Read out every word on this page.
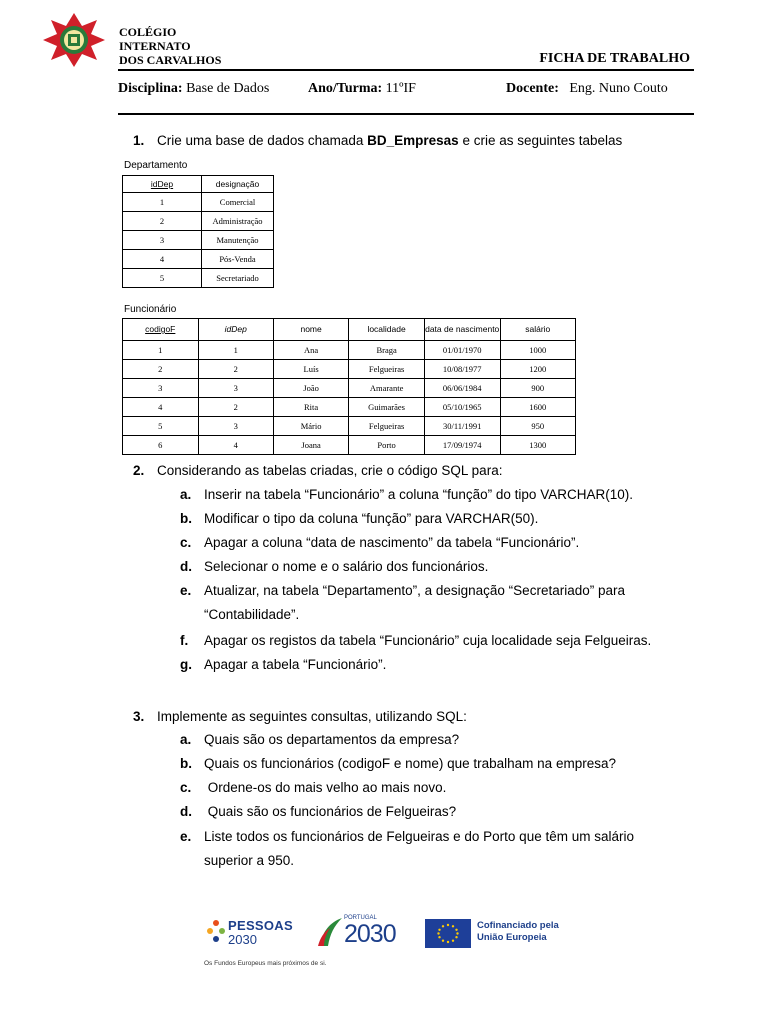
COLÉGIO
INTERNATO
DOS CARVALHOS	FICHA DE TRABALHO
Disciplina: Base de Dados	Ano/Turma: 11ºIF	Docente: Eng. Nuno Couto
1. Crie uma base de dados chamada BD_Empresas e crie as seguintes tabelas
Departamento
idDep	designação
1	Comercial
2	Administração
3	Manutenção
4	Pós-Venda
5	Secretariado
Funcionário
codigoF	idDep	nome	localidade	data de nascimento	salário
1	1	Ana	Braga	01/01/1970	1000
2	2	Luís	Felgueiras	10/08/1977	1200
3	3	João	Amarante	06/06/1984	900
4	2	Rita	Guimarães	05/10/1965	1600
5	3	Mário	Felgueiras	30/11/1991	950
6	4	Joana	Porto	17/09/1974	1300
2. Considerando as tabelas criadas, crie o código SQL para:
a. Inserir na tabela “Funcionário” a coluna “função” do tipo VARCHAR(10).
b. Modificar o tipo da coluna “função” para VARCHAR(50).
c. Apagar a coluna “data de nascimento” da tabela “Funcionário”.
d. Selecionar o nome e o salário dos funcionários.
e. Atualizar, na tabela “Departamento”, a designação “Secretariado” para
“Contabilidade”.
f. Apagar os registos da tabela “Funcionário” cuja localidade seja Felgueiras.
g. Apagar a tabela “Funcionário”.
3. Implemente as seguintes consultas, utilizando SQL:
a. Quais são os departamentos da empresa?
b. Quais os funcionários (codigoF e nome) que trabalham na empresa?
c. Ordene-os do mais velho ao mais novo.
d. Quais são os funcionários de Felgueiras?
e. Liste todos os funcionários de Felgueiras e do Porto que têm um salário
superior a 950.
PESSOAS
2030
PORTUGAL
2030	Cofinanciado pela
União Europeia
Os Fundos Europeus mais próximos de si.
